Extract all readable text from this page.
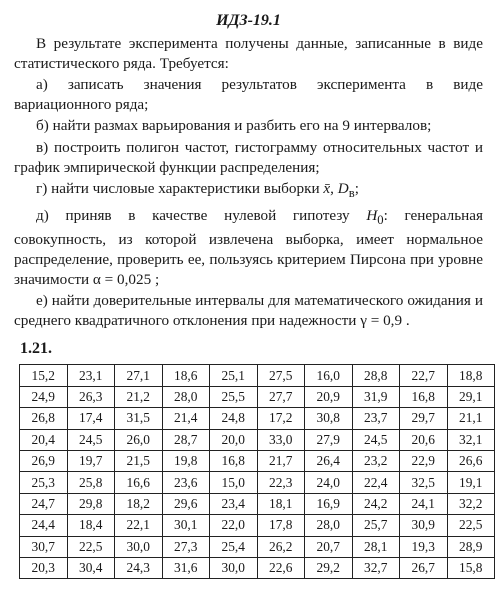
ИДЗ-19.1

В результате эксперимента получены данные, записанные в виде статистического ряда. Требуется:

а) записать значения результатов эксперимента в виде вариационного ряда;

б) найти размах варьирования и разбить его на 9 интервалов;

в) построить полигон частот, гистограмму относительных частот и график эмпирической функции распределения;

г) найти числовые характеристики выборки x̄, $D_в$;

д) приняв в качестве нулевой гипотезу $H_0$: генеральная совокупность, из которой извлечена выборка, имеет нормальное распределение, проверить ее, пользуясь критерием Пирсона при уровне значимости α = 0,025 ;

е) найти доверительные интервалы для математического ожидания и среднего квадратичного отклонения при надежности γ = 0,9 .

1.21.
15,2	23,1	27,1	18,6	25,1	27,5	16,0	28,8	22,7	18,8
24,9	26,3	21,2	28,0	25,5	27,7	20,9	31,9	16,8	29,1
26,8	17,4	31,5	21,4	24,8	17,2	30,8	23,7	29,7	21,1
20,4	24,5	26,0	28,7	20,0	33,0	27,9	24,5	20,6	32,1
26,9	19,7	21,5	19,8	16,8	21,7	26,4	23,2	22,9	26,6
25,3	25,8	16,6	23,6	15,0	22,3	24,0	22,4	32,5	19,1
24,7	29,8	18,2	29,6	23,4	18,1	16,9	24,2	24,1	32,2
24,4	18,4	22,1	30,1	22,0	17,8	28,0	25,7	30,9	22,5
30,7	22,5	30,0	27,3	25,4	26,2	20,7	28,1	19,3	28,9
20,3	30,4	24,3	31,6	30,0	22,6	29,2	32,7	26,7	15,8
